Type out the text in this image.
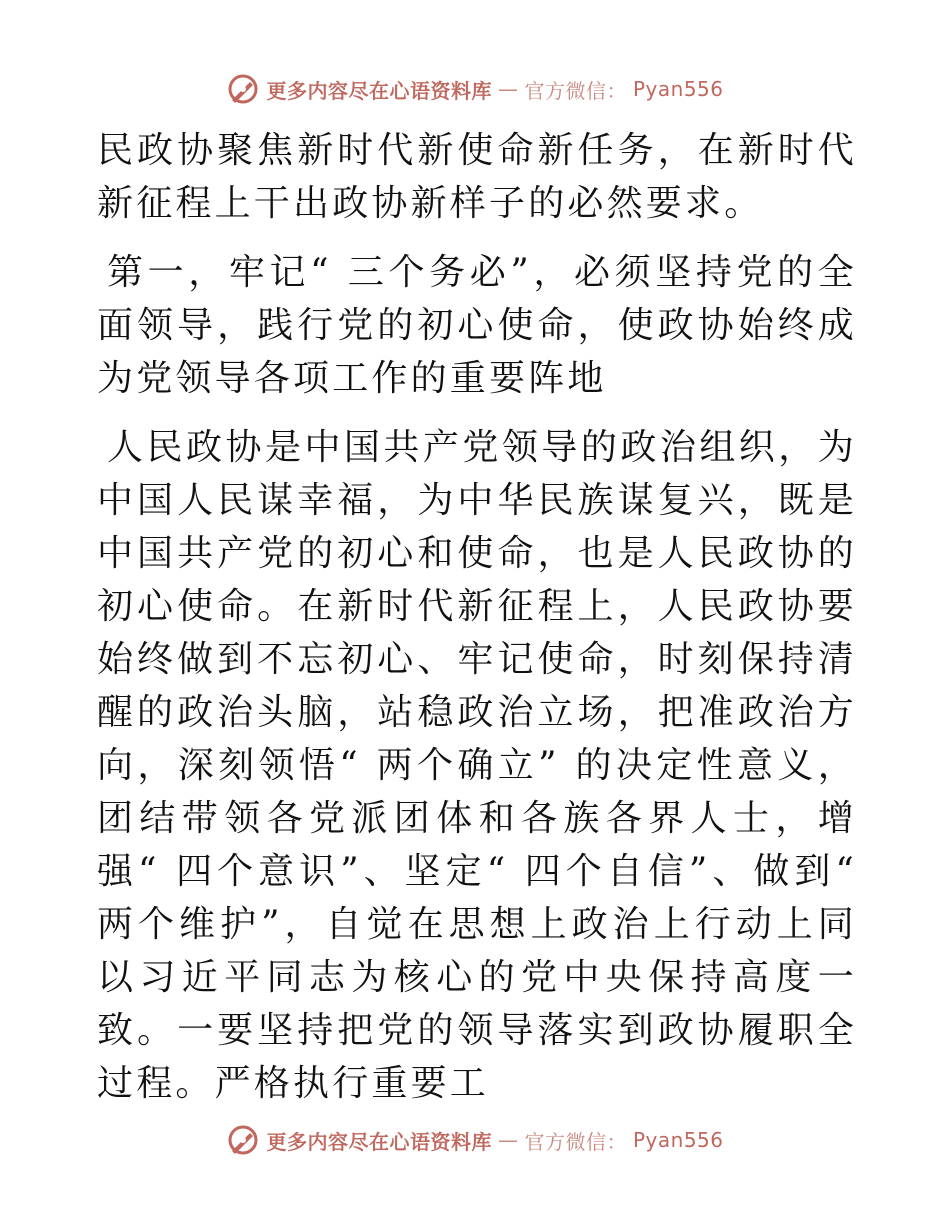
更多内容尽在心语资料库 — 官方微信： Pyan556

民政协聚焦新时代新使命新任务，在新时代新征程上干出政协新样子的必然要求。

第一，牢记“ 三个务必”，必须坚持党的全面领导，践行党的初心使命，使政协始终成为党领导各项工作的重要阵地

人民政协是中国共产党领导的政治组织，为中国人民谋幸福，为中华民族谋复兴，既是中国共产党的初心和使命，也是人民政协的初心使命。在新时代新征程上，人民政协要始终做到不忘初心、牢记使命，时刻保持清醒的政治头脑，站稳政治立场，把准政治方向，深刻领悟“ 两个确立” 的决定性意义，团结带领各党派团体和各族各界人士，增强“ 四个意识”、坚定“ 四个自信”、做到“ 两个维护”，自觉在思想上政治上行动上同以习近平同志为核心的党中央保持高度一致。一要坚持把党的领导落实到政协履职全过程。严格执行重要工

更多内容尽在心语资料库 — 官方微信： Pyan556
